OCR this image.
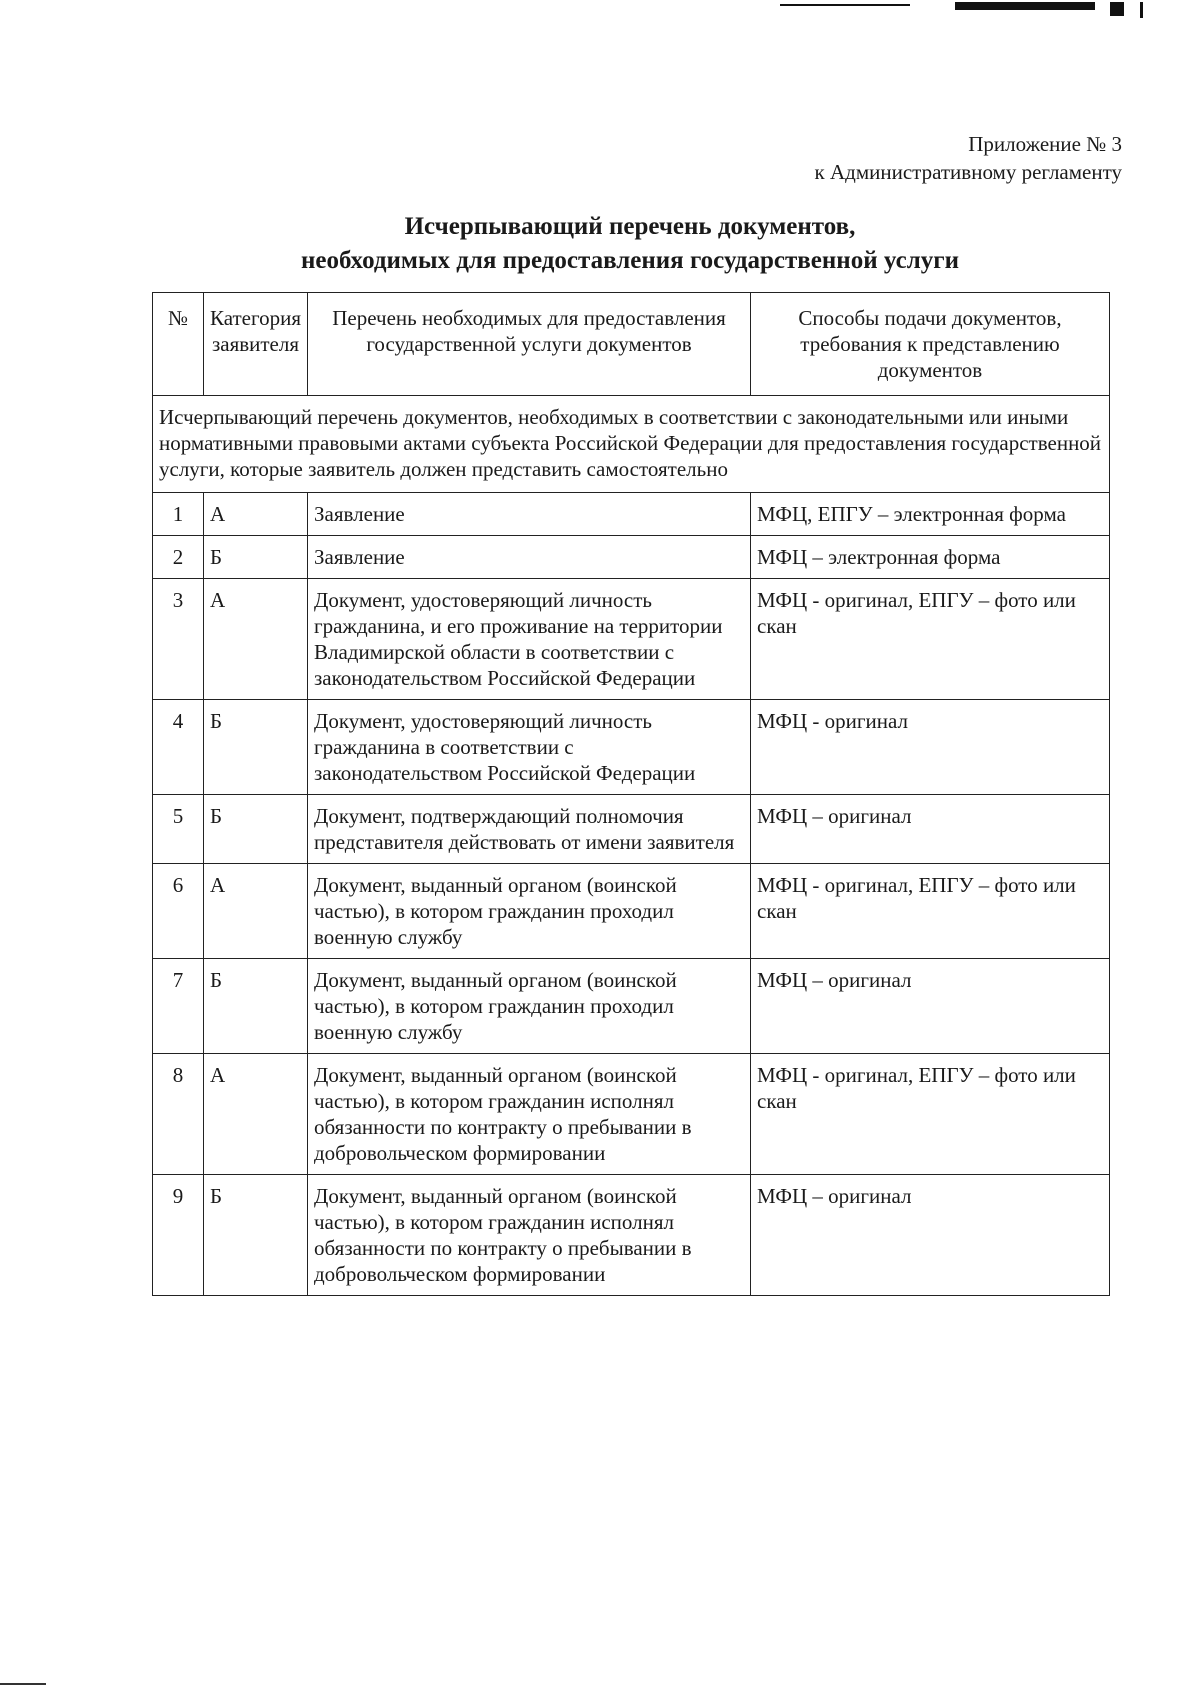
Приложение № 3
к Административному регламенту
Исчерпывающий перечень документов,
необходимых для предоставления государственной услуги
№	Категория заявителя	Перечень необходимых для предоставления государственной услуги документов	Способы подачи документов, требования к представлению документов
Исчерпывающий перечень документов, необходимых в соответствии с законодательными или иными нормативными правовыми актами субъекта Российской Федерации для предоставления государственной услуги, которые заявитель должен представить самостоятельно			
1	А	Заявление	МФЦ, ЕПГУ – электронная форма
2	Б	Заявление	МФЦ – электронная форма
3	А	Документ, удостоверяющий личность гражданина, и его проживание на территории Владимирской области в соответствии с законодательством Российской Федерации	МФЦ - оригинал, ЕПГУ – фото или скан
4	Б	Документ, удостоверяющий личность гражданина в соответствии с законодательством Российской Федерации	МФЦ - оригинал
5	Б	Документ, подтверждающий полномочия представителя действовать от имени заявителя	МФЦ – оригинал
6	А	Документ, выданный органом (воинской частью), в котором гражданин проходил военную службу	МФЦ - оригинал, ЕПГУ – фото или скан
7	Б	Документ, выданный органом (воинской частью), в котором гражданин проходил военную службу	МФЦ – оригинал
8	А	Документ, выданный органом (воинской частью), в котором гражданин исполнял обязанности по контракту о пребывании в добровольческом формировании	МФЦ - оригинал, ЕПГУ – фото или скан
9	Б	Документ, выданный органом (воинской частью), в котором гражданин исполнял обязанности по контракту о пребывании в добровольческом формировании	МФЦ – оригинал
